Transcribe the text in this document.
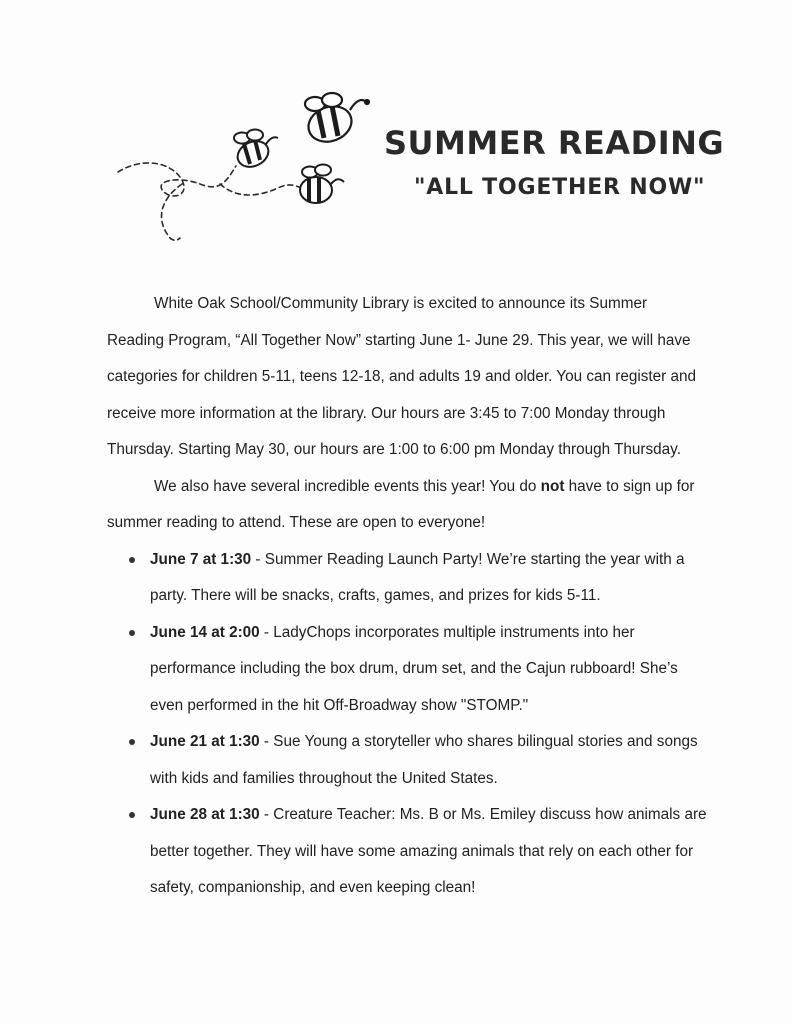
SUMMER READING
"ALL TOGETHER NOW"

White Oak School/Community Library is excited to announce its Summer Reading Program, “All Together Now” starting June 1- June 29. This year, we will have categories for children 5-11, teens 12-18, and adults 19 and older. You can register and receive more information at the library. Our hours are 3:45 to 7:00 Monday through Thursday. Starting May 30, our hours are 1:00 to 6:00 pm Monday through Thursday.

We also have several incredible events this year! You do not have to sign up for summer reading to attend. These are open to everyone!

June 7 at 1:30 - Summer Reading Launch Party! We’re starting the year with a party. There will be snacks, crafts, games, and prizes for kids 5-11.
June 14 at 2:00 - LadyChops incorporates multiple instruments into her performance including the box drum, drum set, and the Cajun rubboard! She’s even performed in the hit Off-Broadway show "STOMP."
June 21 at 1:30 - Sue Young a storyteller who shares bilingual stories and songs with kids and families throughout the United States.
June 28 at 1:30 - Creature Teacher: Ms. B or Ms. Emiley discuss how animals are better together. They will have some amazing animals that rely on each other for safety, companionship, and even keeping clean!
